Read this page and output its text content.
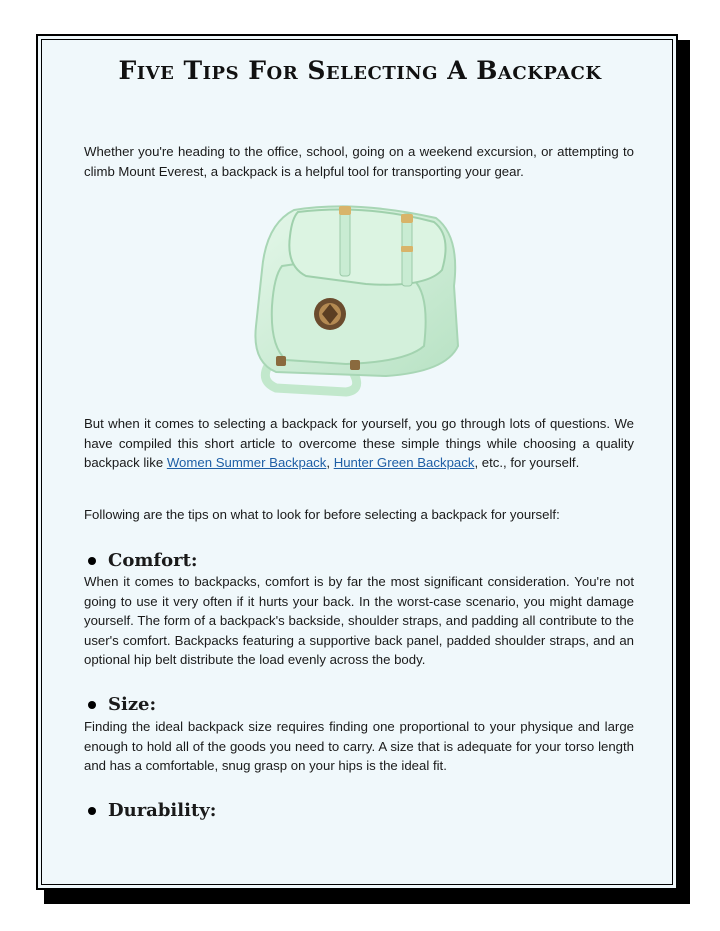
Five Tips For Selecting A Backpack
Whether you're heading to the office, school, going on a weekend excursion, or attempting to climb Mount Everest, a backpack is a helpful tool for transporting your gear.
But when it comes to selecting a backpack for yourself, you go through lots of questions. We have compiled this short article to overcome these simple things while choosing a quality backpack like Women Summer Backpack, Hunter Green Backpack, etc., for yourself.
Following are the tips on what to look for before selecting a backpack for yourself:
Comfort:
When it comes to backpacks, comfort is by far the most significant consideration. You're not going to use it very often if it hurts your back. In the worst-case scenario, you might damage yourself. The form of a backpack's backside, shoulder straps, and padding all contribute to the user's comfort. Backpacks featuring a supportive back panel, padded shoulder straps, and an optional hip belt distribute the load evenly across the body.
Size:
Finding the ideal backpack size requires finding one proportional to your physique and large enough to hold all of the goods you need to carry. A size that is adequate for your torso length and has a comfortable, snug grasp on your hips is the ideal fit.
Durability:
